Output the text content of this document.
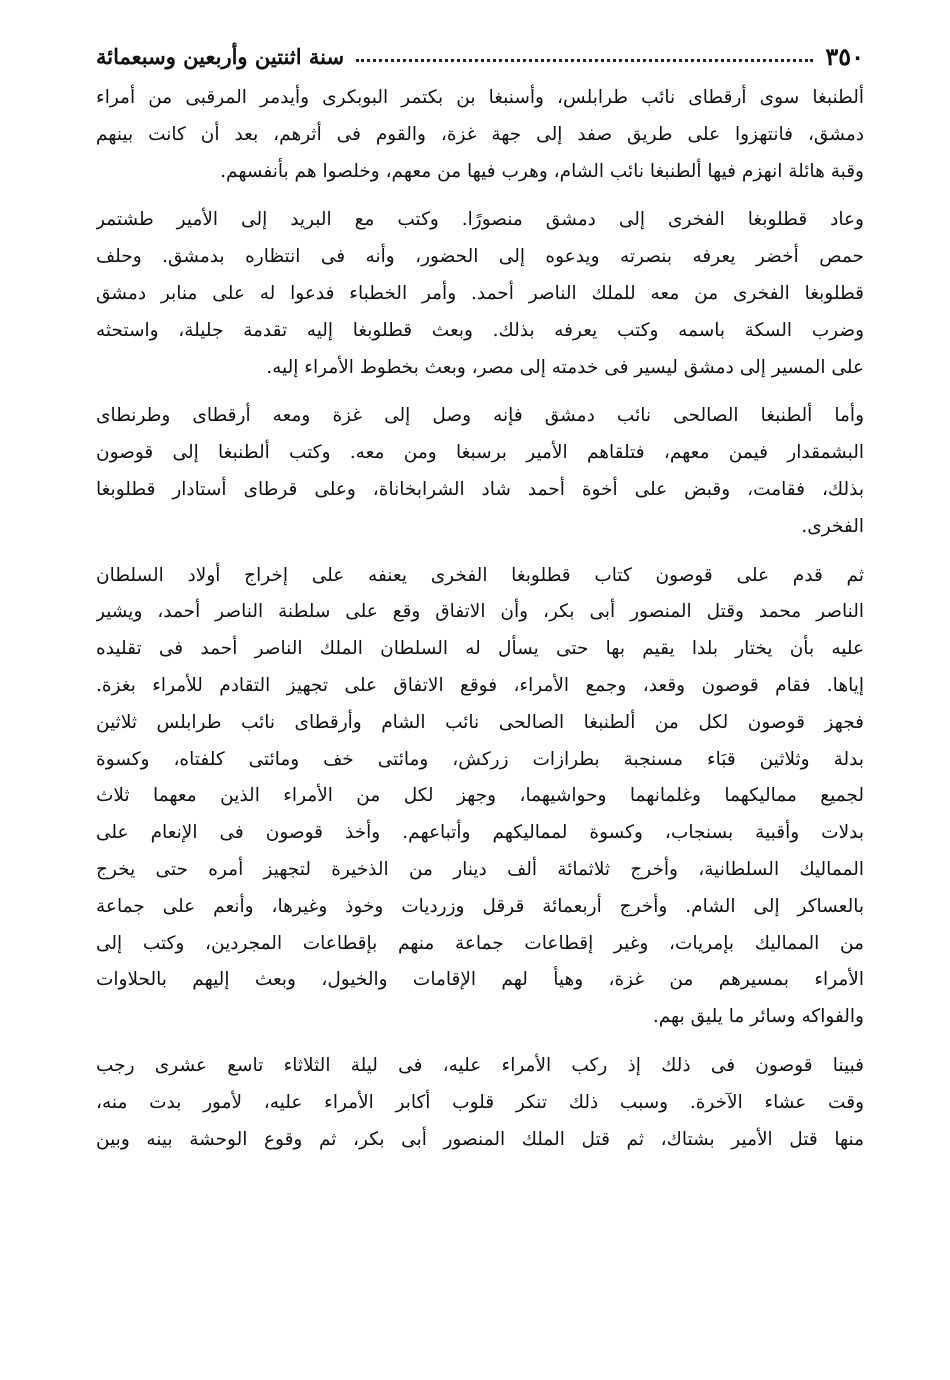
٣٥٠
سنة اثنتين وأربعين وسبعمائة
ألطنبغا سوى أرقطاى نائب طرابلس، وأسنبغا بن بكتمر البوبكرى وأيدمر المرقبى من أمراء
دمشق، فانتهزوا على طريق صفد إلى جهة غزة، والقوم فى أثرهم، بعد أن كانت بينهم
وقبة هائلة انهزم فيها ألطنبغا نائب الشام، وهرب فيها من معهم، وخلصوا هم بأنفسهم.
وعاد قطلوبغا الفخرى إلى دمشق منصورًا. وكتب مع البريد إلى الأمير طشتمر
حمص أخضر يعرفه بنصرته ويدعوه إلى الحضور، وأنه فى انتظاره بدمشق. وحلف
قطلوبغا الفخرى من معه للملك الناصر أحمد. وأمر الخطباء فدعوا له على منابر دمشق
وضرب السكة باسمه وكتب يعرفه بذلك. وبعث قطلوبغا إليه تقدمة جليلة، واستحثه
على المسير إلى دمشق ليسير فى خدمته إلى مصر، وبعث بخطوط الأمراء إليه.
وأما ألطنبغا الصالحى نائب دمشق فإنه وصل إلى غزة ومعه أرقطاى وطرنطاى
البشمقدار فيمن معهم، فتلقاهم الأمير برسبغا ومن معه. وكتب ألطنبغا إلى قوصون
بذلك، فقامت، وقبض على أخوة أحمد شاد الشرابخاناة، وعلى قرطاى أستادار قطلوبغا
الفخرى.
ثم قدم على قوصون كتاب قطلوبغا الفخرى يعنفه على إخراج أولاد السلطان
الناصر محمد وقتل المنصور أبى بكر، وأن الاتفاق وقع على سلطنة الناصر أحمد، ويشير
عليه بأن يختار بلدا يقيم بها حتى يسأل له السلطان الملك الناصر أحمد فى تقليده
إياها. فقام قوصون وقعد، وجمع الأمراء، فوقع الاتفاق على تجهيز التقادم للأمراء بغزة.
فجهز قوصون لكل من ألطنبغا الصالحى نائب الشام وأرقطاى نائب طرابلس ثلاثين
بدلة وثلاثين قبَاء مسنجبة بطرازات زركش، ومائتى خف ومائتى كلفتاه، وكسوة
لجميع مماليكهما وغلمانهما وحواشيهما، وجهز لكل من الأمراء الذين معهما ثلاث
بدلات وأقبية بسنجاب، وكسوة لمماليكهم وأتباعهم. وأخذ قوصون فى الإنعام على
المماليك السلطانية، وأخرج ثلاثمائة ألف دينار من الذخيرة لتجهيز أمره حتى يخرج
بالعساكر إلى الشام. وأخرج أربعمائة قرقل وزرديات وخوذ وغيرها، وأنعم على جماعة
من المماليك بإمريات، وغير إقطاعات جماعة منهم بإقطاعات المجردين، وكتب إلى
الأمراء بمسيرهم من غزة، وهيأ لهم الإقامات والخيول، وبعث إليهم بالحلاوات
والفواكه وسائر ما يليق بهم.
فبينا قوصون فى ذلك إذ ركب الأمراء عليه، فى ليلة الثلاثاء تاسع عشرى رجب
وقت عشاء الآخرة. وسبب ذلك تنكر قلوب أكابر الأمراء عليه، لأمور بدت منه،
منها قتل الأمير بشتاك، ثم قتل الملك المنصور أبى بكر، ثم وقوع الوحشة بينه وبين
